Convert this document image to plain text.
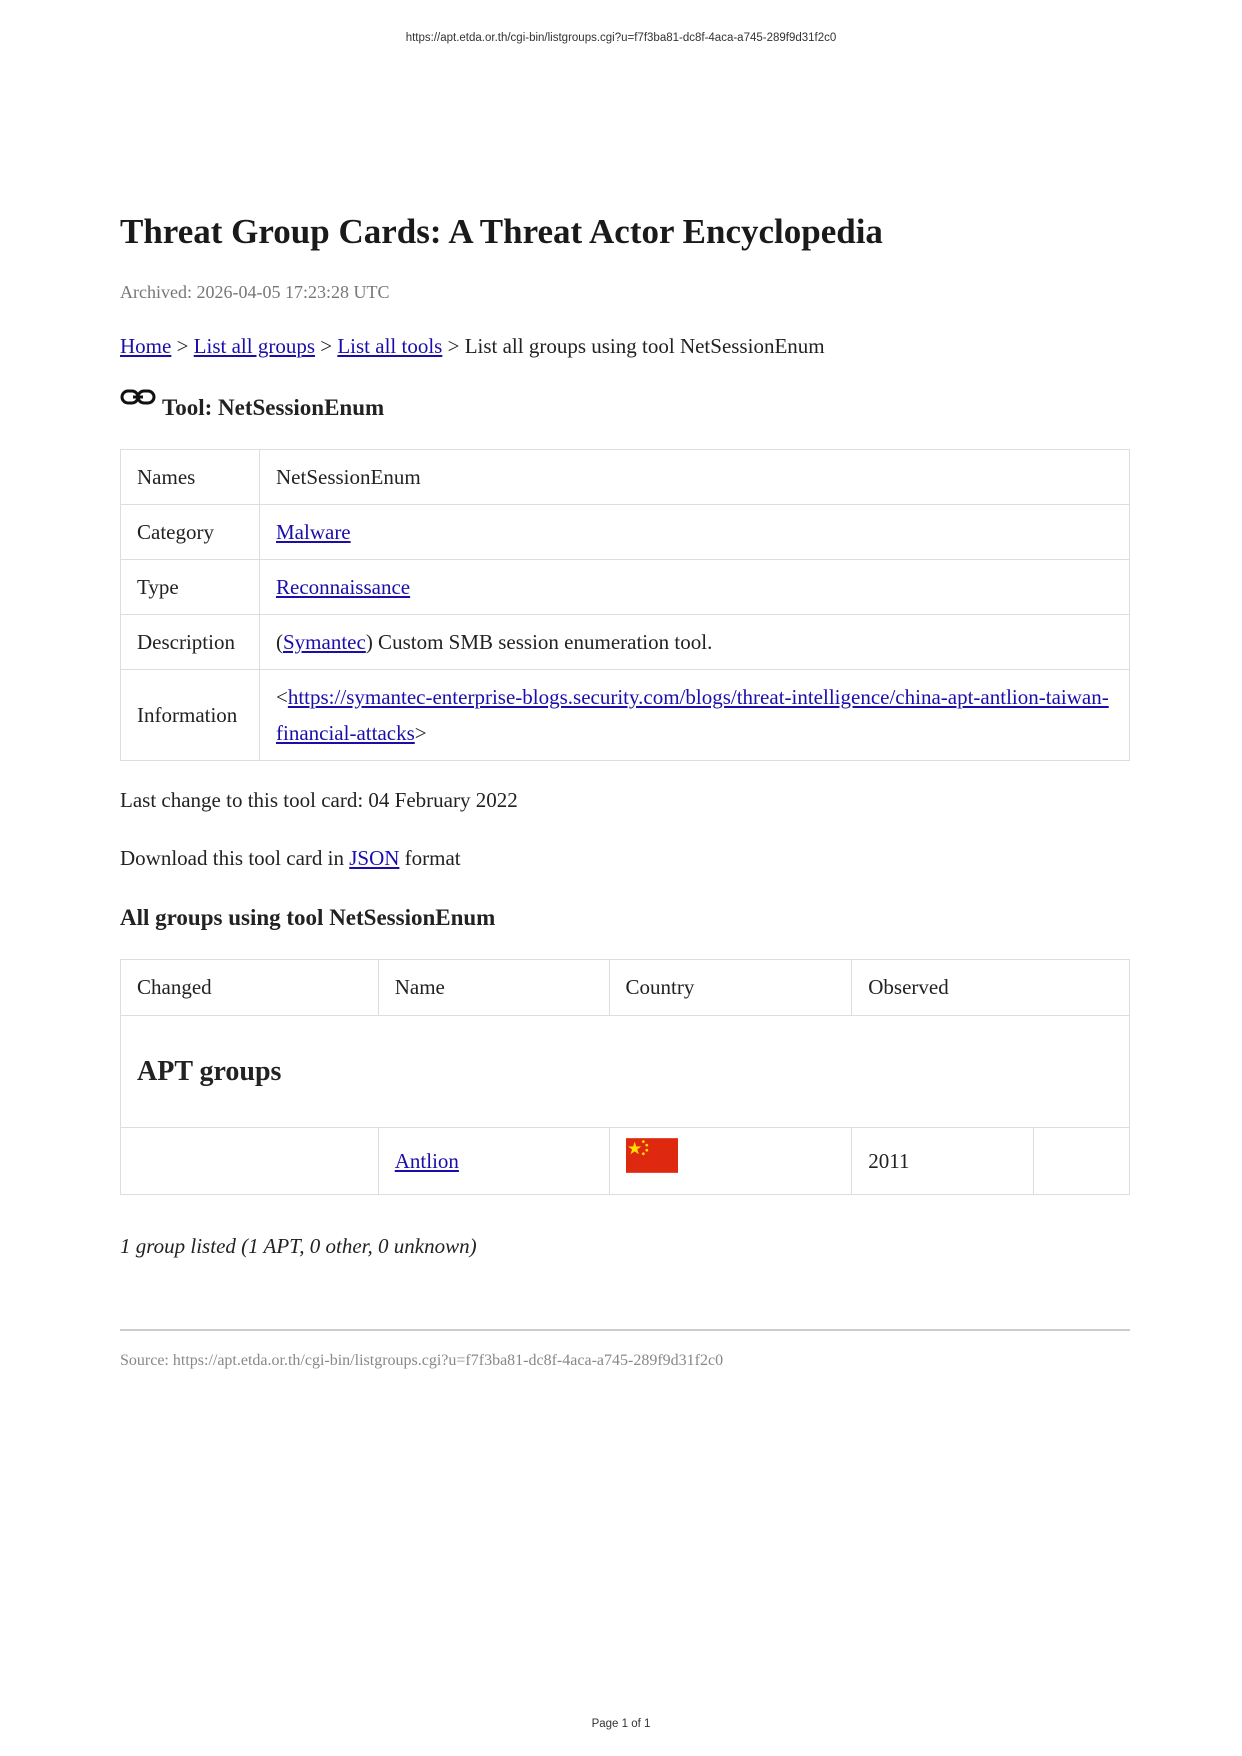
https://apt.etda.or.th/cgi-bin/listgroups.cgi?u=f7f3ba81-dc8f-4aca-a745-289f9d31f2c0
Threat Group Cards: A Threat Actor Encyclopedia
Archived: 2026-04-05 17:23:28 UTC
Home > List all groups > List all tools > List all groups using tool NetSessionEnum
Tool: NetSessionEnum
Names	NetSessionEnum
Category	Malware
Type	Reconnaissance
Description	(Symantec) Custom SMB session enumeration tool.
Information	<https://symantec-enterprise-blogs.security.com/blogs/threat-intelligence/china-apt-antlion-taiwan-financial-attacks>
Last change to this tool card: 04 February 2022
Download this tool card in JSON format
All groups using tool NetSessionEnum
Changed	Name	Country	Observed	
APT groups				
	Antlion		2011	
1 group listed (1 APT, 0 other, 0 unknown)
Source: https://apt.etda.or.th/cgi-bin/listgroups.cgi?u=f7f3ba81-dc8f-4aca-a745-289f9d31f2c0
Page 1 of 1
